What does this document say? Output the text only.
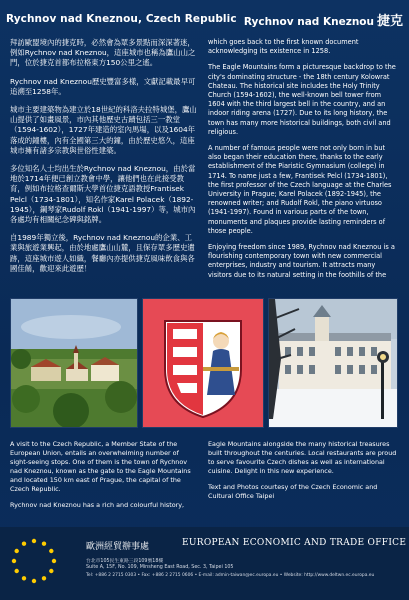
Rychnov nad Kneznou, Czech Republic Rychnov nad Kneznou 捷克

拜訪歐盟境內的捷克時，必然會為眾多景點而深深著迷，例如Rychnov nad Kneznou，這座城市也稱為鷹山山之門，位於捷克首都布拉格東方150公里之遙。

Rychnov nad Kneznou歷史豐富多樣，文獻記載最早可追溯至1258年。

城市主要建築物為建立於18世紀的科洛夫拉特城堡，鷹山山提供了如畫風景，市內其他歷史古蹟包括三一教堂（1594-1602），1727年建造的室內馬場，以及1604年落成的鐘樓，內有全國第三大的鐘，由於歷史悠久，這座城市擁有諸多宗教與世俗性建築。

多位知名人士均出生於Rychnov nad Kneznou，由於當地於1714年便已創立教會中學，讓他們也在此接受教育，例如布拉格查爾斯大學首位捷克語教授Frantisek Pelcl（1734-1801），知名作家Karel Polacek（1892-1945），鋼琴家Rudolf Rokl（1941-1997）等，城市內各處均有相關紀念碑與銘牌。

自1989年獨立後，Rychnov nad Kneznou的企業、工業與旅遊業興起，由於地處鷹山山麓，且保存眾多歷史遺跡，這座城市遊人如織，餐廳內亦提供捷克風味飲食與各國佳餚，歡迎來此遊歷！

which goes back to the first known document acknowledging its existence in 1258.

The Eagle Mountains form a picturesque backdrop to the city's dominating structure - the 18th century Kolowrat Chateau. The historical site includes the Holy Trinity Church (1594-1602), the well-known bell tower from 1604 with the third largest bell in the country, and an indoor riding arena (1727). Due to its long history, the town has many more historical buildings, both civil and religious.

A number of famous people were not only born in but also began their education there, thanks to the early establishment of the Piaristic Gymnasium (college) in 1714. To name just a few, Frantisek Pelcl (1734-1801), the first professor of the Czech language at the Charles University in Prague; Karel Polacek (1892-1945), the renowned writer; and Rudolf Rokl, the piano virtuoso (1941-1997). Found in various parts of the town, monuments and plaques provide lasting reminders of those people.

Enjoying freedom since 1989, Rychnov nad Kneznou is a flourishing contemporary town with new commercial enterprises, industry and tourism. It attracts many visitors due to its natural setting in the foothills of the

A visit to the Czech Republic, a Member State of the European Union, entails an overwhelming number of sight-seeing stops. One of them is the town of Rychnov nad Kneznou, known as the gate to the Eagle Mountains and located 150 km east of Prague, the capital of the Czech Republic.

Rychnov nad Kneznou has a rich and colourful history,

Eagle Mountains alongside the many historical treasures built throughout the centuries. Local restaurants are proud to serve favourite Czech dishes as well as international cuisine. Delight in this new experience.

Text and Photos courtesy of the Czech Economic and Cultural Office Taipei

歐洲經貿辦事處	EUROPEAN ECONOMIC AND TRADE OFFICE
台北市105民生東路三段109號18樓
Suite A, 15F, No. 109, Minsheng East Road, Sec. 3, Taipei 105
Tel: +886 2 2715 0303 • Fax: +886 2 2715 0606 • E-mail: admin-taiwan@ec.europa.eu • Website: http://www.deltwn.ec.europa.eu
